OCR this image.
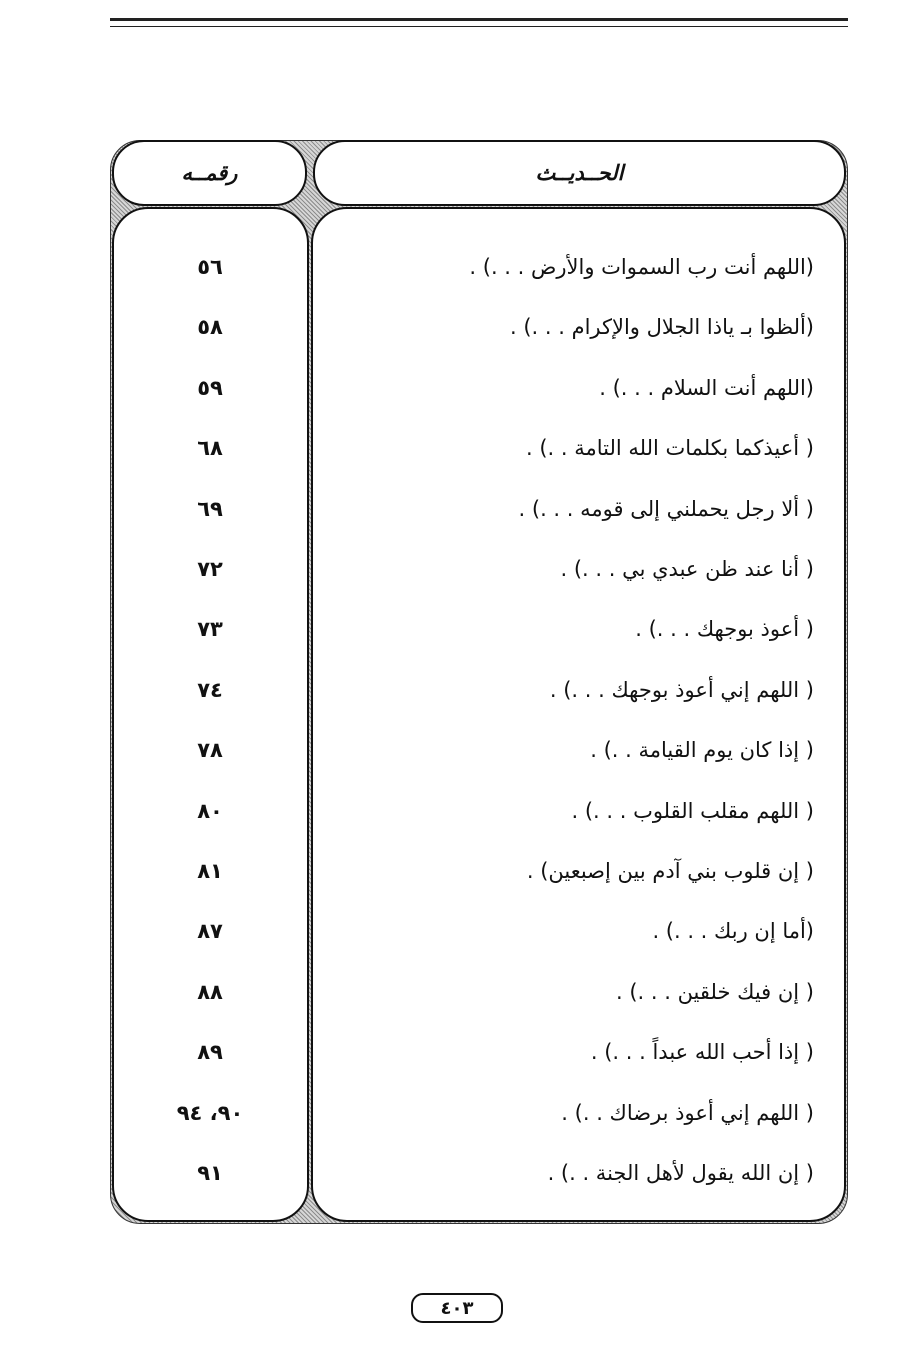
الحــديــث
رقمــه
(اللهم أنت رب السموات والأرض . . .) .
٥٦
(ألظوا بـ ياذا الجلال والإكرام . . .) .
٥٨
(اللهم أنت السلام . . .) .
٥٩
( أعيذكما بكلمات الله التامة . .) .
٦٨
( ألا رجل يحملني إلى قومه . . .) .
٦٩
( أنا عند ظن عبدي بي . . .) .
٧٢
( أعوذ بوجهك . . .) .
٧٣
( اللهم إني أعوذ بوجهك . . .) .
٧٤
( إذا كان يوم القيامة . .) .
٧٨
( اللهم مقلب القلوب . . .) .
٨٠
( إن قلوب بني آدم بين إصبعين) .
٨١
(أما إن ربك . . .) .
٨٧
( إن فيك خلقين . . .) .
٨٨
( إذا أحب الله عبداً . . .) .
٨٩
( اللهم إني أعوذ برضاك . .) .
٩٠، ٩٤
( إن الله يقول لأهل الجنة . .) .
٩١
٤٠٣
